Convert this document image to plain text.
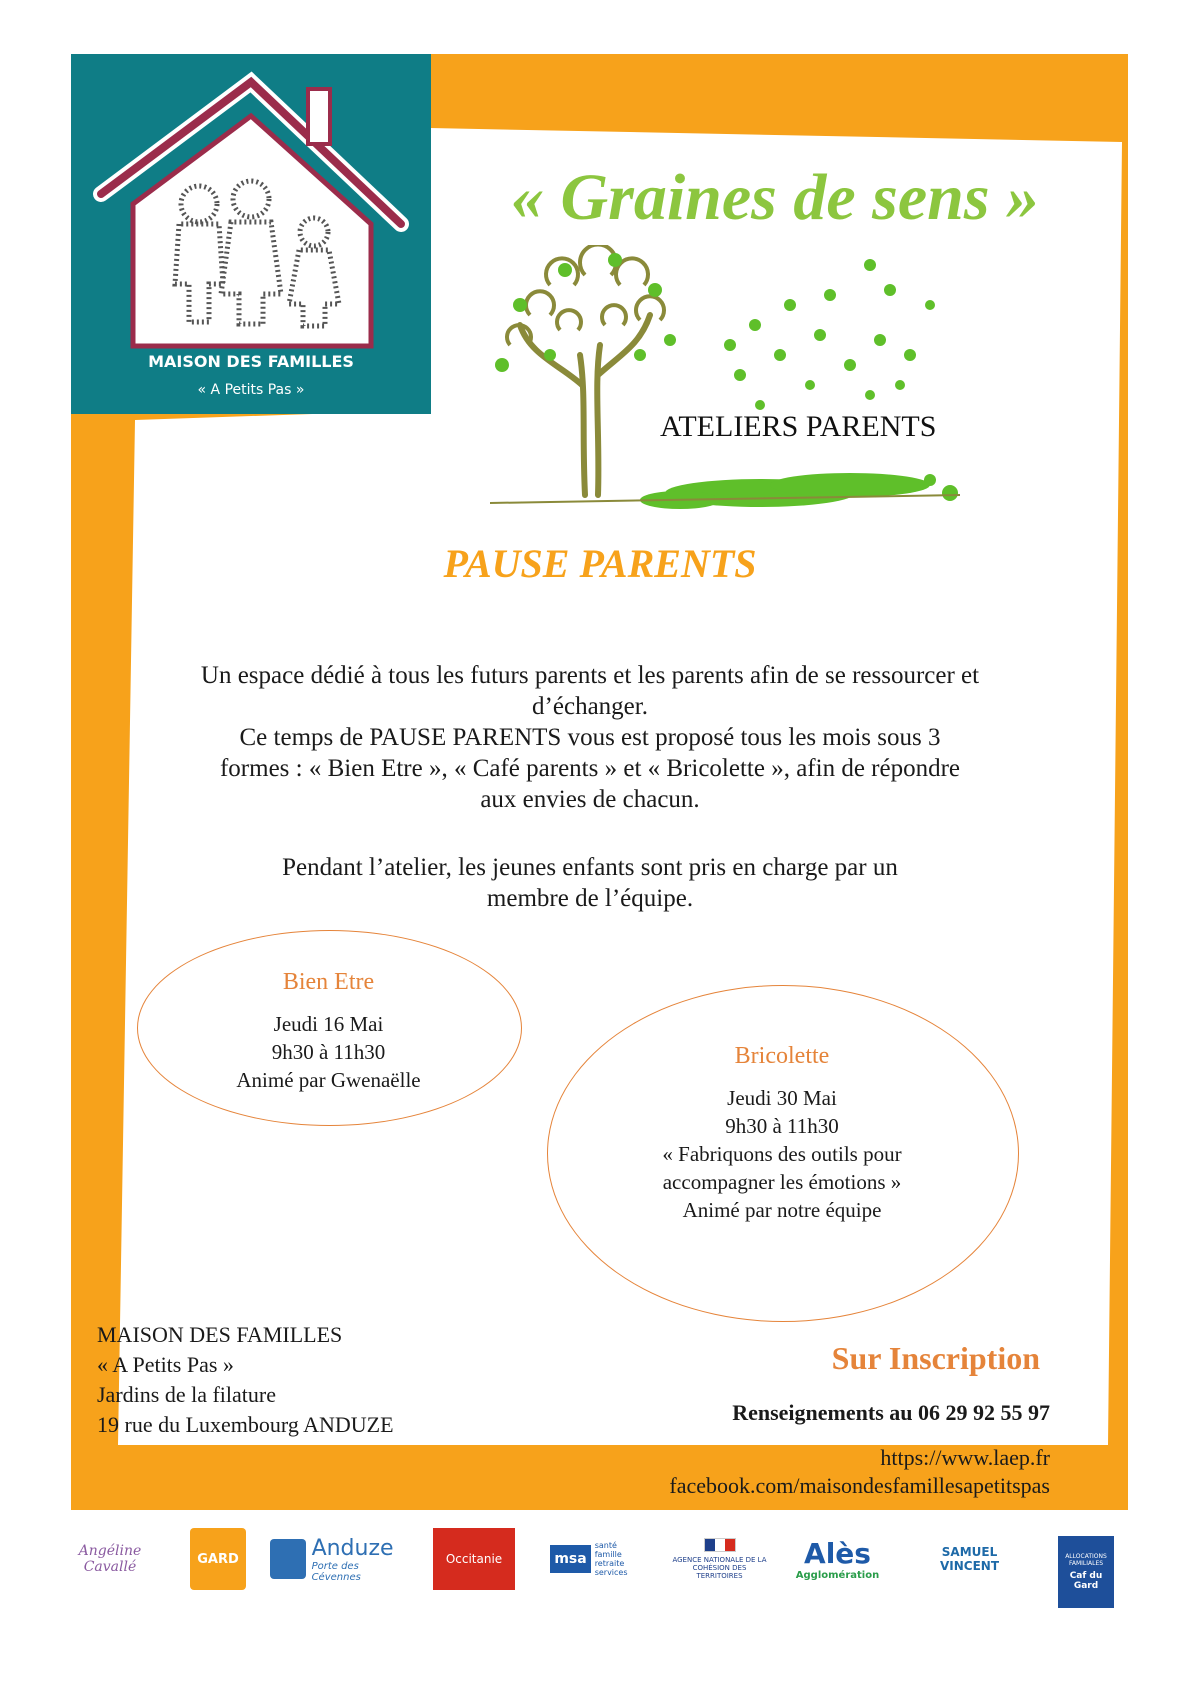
MAISON DES FAMILLES
« A Petits Pas »
« Graines de sens »
ATELIERS PARENTS
PAUSE PARENTS

Un espace dédié à tous les futurs parents et les parents afin de se ressourcer et

d’échanger.

Ce temps de PAUSE PARENTS vous est proposé tous les mois sous 3

formes : « Bien Etre », « Café parents » et « Bricolette », afin de répondre

aux envies de chacun.

Pendant l’atelier, les jeunes enfants sont pris en charge par un

membre de l’équipe.

Bien Etre
Jeudi 16 Mai
9h30 à 11h30
Animé par Gwenaëlle
Bricolette
Jeudi 30 Mai
9h30 à 11h30
« Fabriquons des outils pour
accompagner les émotions »
Animé par notre équipe
MAISON DES FAMILLES
« A Petits Pas »
Jardins de la filature
19 rue du Luxembourg ANDUZE
Sur Inscription
Renseignements au 06 29 92 55 97
https://www.laep.fr
facebook.com/maisondesfamillesapetitspas
Angéline Cavallé	GARD	Anduze
Porte des Cévennes
Occitanie	msa
santé famille retraite services
AGENCE NATIONALE DE LA COHÉSION DES TERRITOIRES
Alès
Agglomération
SAMUEL VINCENT
ALLOCATIONS FAMILIALES
Caf du Gard
